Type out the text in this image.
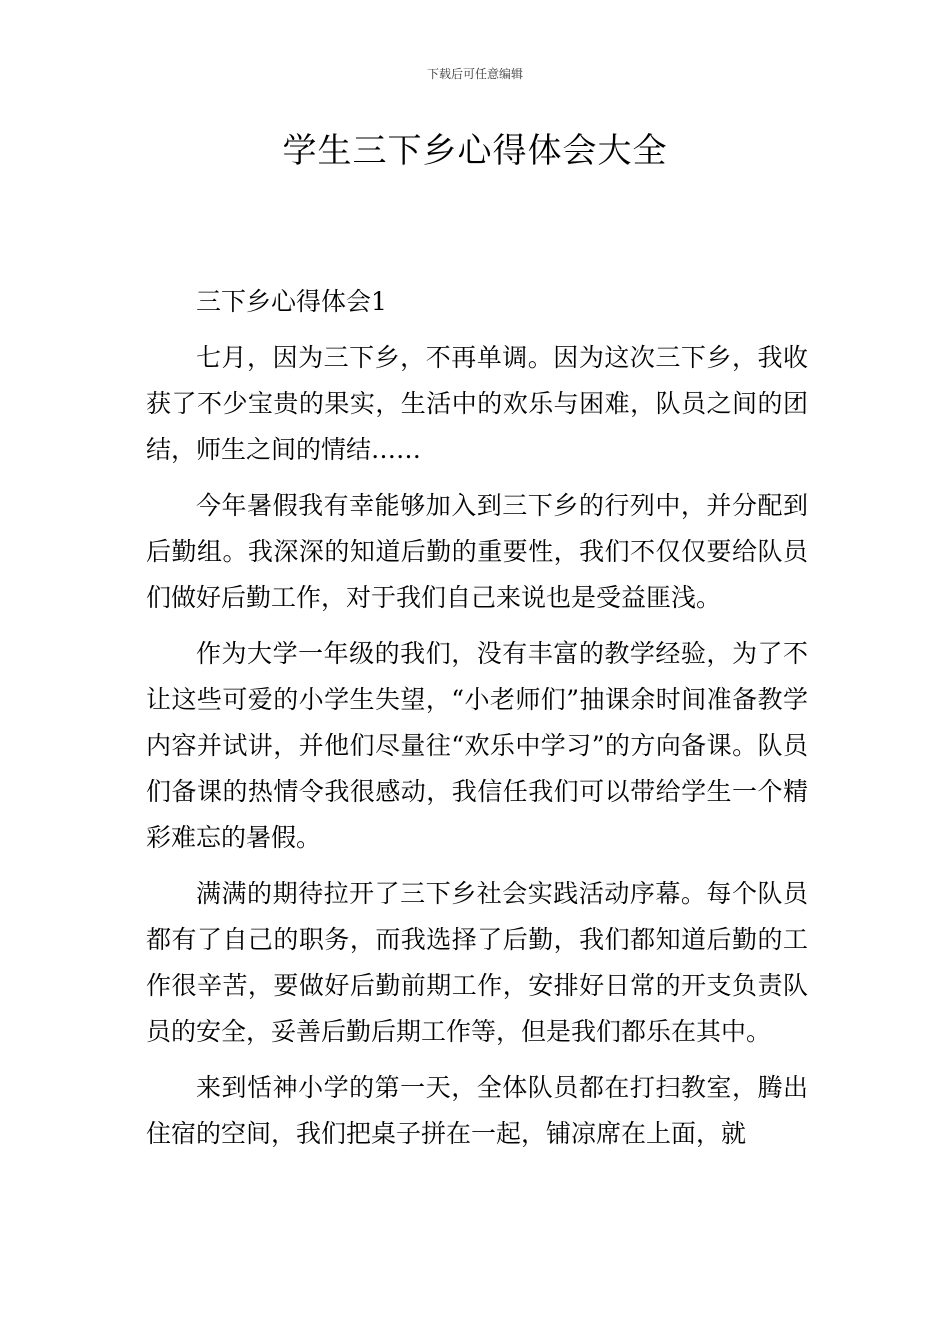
下载后可任意编辑
学生三下乡心得体会大全

三下乡心得体会1

七月，因为三下乡，不再单调。因为这次三下乡，我收获了不少宝贵的果实，生活中的欢乐与困难，队员之间的团结，师生之间的情结……

今年暑假我有幸能够加入到三下乡的行列中，并分配到后勤组。我深深的知道后勤的重要性，我们不仅仅要给队员们做好后勤工作，对于我们自己来说也是受益匪浅。

作为大学一年级的我们，没有丰富的教学经验，为了不让这些可爱的小学生失望，“小老师们”抽课余时间准备教学内容并试讲，并他们尽量往“欢乐中学习”的方向备课。队员们备课的热情令我很感动，我信任我们可以带给学生一个精彩难忘的暑假。

满满的期待拉开了三下乡社会实践活动序幕。每个队员都有了自己的职务，而我选择了后勤，我们都知道后勤的工作很辛苦，要做好后勤前期工作，安排好日常的开支负责队员的安全，妥善后勤后期工作等，但是我们都乐在其中。

来到恬神小学的第一天，全体队员都在打扫教室，腾出住宿的空间，我们把桌子拼在一起，铺凉席在上面，就
